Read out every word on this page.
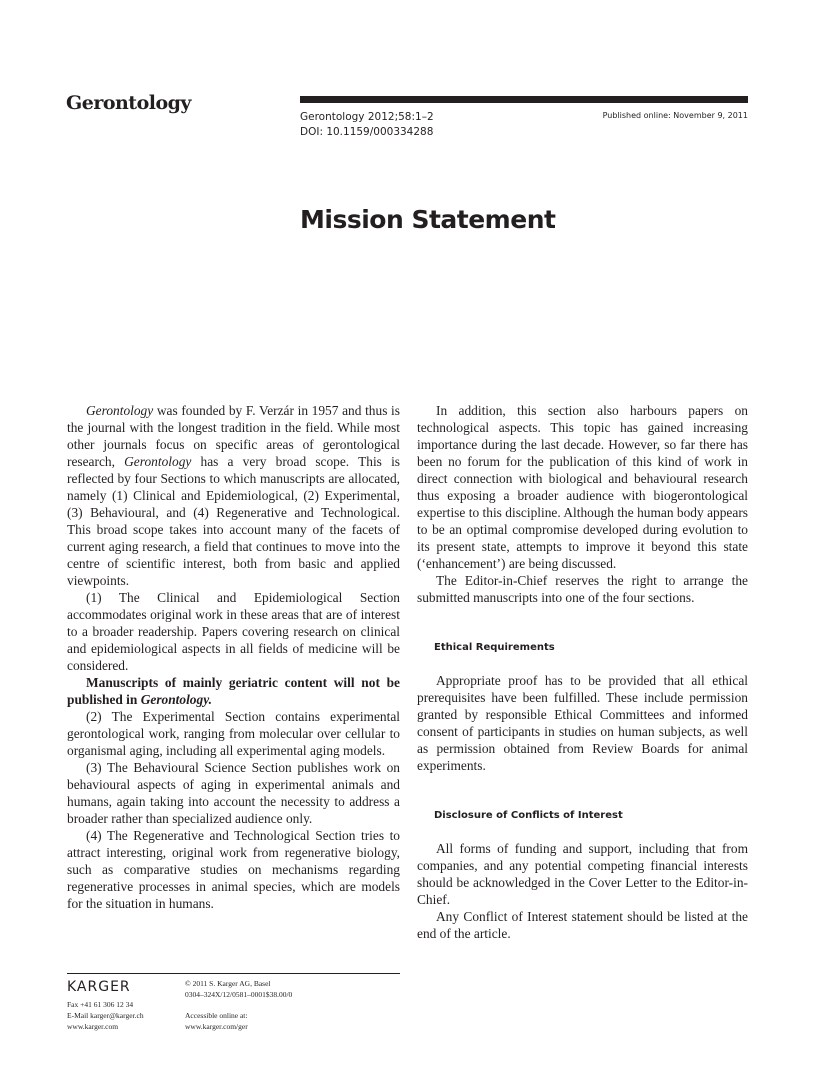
Gerontology
Gerontology 2012;58:1–2
DOI: 10.1159/000334288
Published online: November 9, 2011
Mission Statement

Gerontology was founded by F. Verzár in 1957 and thus is the journal with the longest tradition in the field. While most other journals focus on specific areas of gerontological research, Gerontology has a very broad scope. This is reflected by four Sections to which manuscripts are allocated, namely (1) Clinical and Epidemiological, (2) Experimental, (3) Behavioural, and (4) Regenerative and Technological. This broad scope takes into account many of the facets of current aging research, a field that continues to move into the centre of scientific interest, both from basic and applied viewpoints.

(1) The Clinical and Epidemiological Section accommodates original work in these areas that are of interest to a broader readership. Papers covering research on clinical and epidemiological aspects in all fields of medicine will be considered.

Manuscripts of mainly geriatric content will not be published in Gerontology.

(2) The Experimental Section contains experimental gerontological work, ranging from molecular over cellular to organismal aging, including all experimental aging models.

(3) The Behavioural Science Section publishes work on behavioural aspects of aging in experimental animals and humans, again taking into account the necessity to address a broader rather than specialized audience only.

(4) The Regenerative and Technological Section tries to attract interesting, original work from regenerative biology, such as comparative studies on mechanisms regarding regenerative processes in animal species, which are models for the situation in humans.

In addition, this section also harbours papers on technological aspects. This topic has gained increasing importance during the last decade. However, so far there has been no forum for the publication of this kind of work in direct connection with biological and behavioural research thus exposing a broader audience with biogerontological expertise to this discipline. Although the human body appears to be an optimal compromise developed during evolution to its present state, attempts to improve it beyond this state (‘enhancement’) are being discussed.

The Editor-in-Chief reserves the right to arrange the submitted manuscripts into one of the four sections.

Ethical Requirements

Appropriate proof has to be provided that all ethical prerequisites have been fulfilled. These include permission granted by responsible Ethical Committees and informed consent of participants in studies on human subjects, as well as permission obtained from Review Boards for animal experiments.

Disclosure of Conflicts of Interest

All forms of funding and support, including that from companies, and any potential competing financial interests should be acknowledged in the Cover Letter to the Editor-in-Chief.

Any Conflict of Interest statement should be listed at the end of the article.

KARGER
Fax +41 61 306 12 34
E-Mail karger@karger.ch
www.karger.com
© 2011 S. Karger AG, Basel
0304–324X/12/0581–0001$38.00/0
Accessible online at:
www.karger.com/ger
